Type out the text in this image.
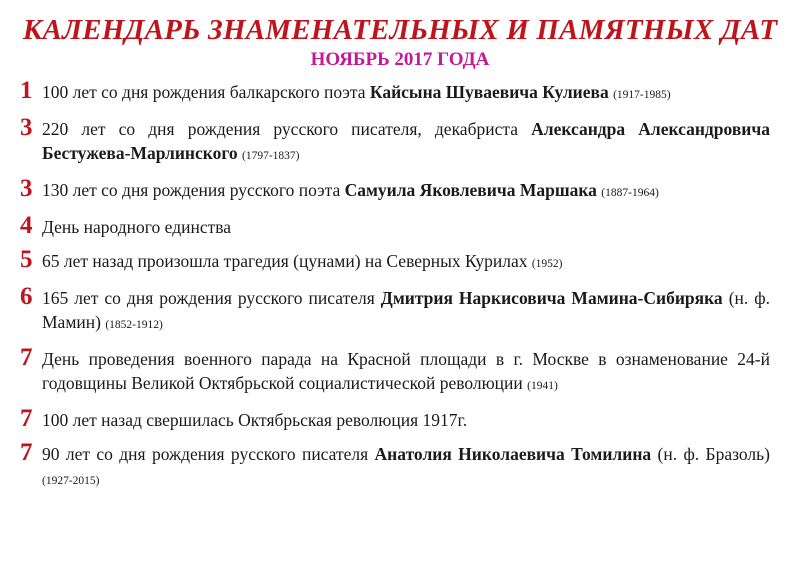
КАЛЕНДАРЬ ЗНАМЕНАТЕЛЬНЫХ И ПАМЯТНЫХ ДАТ
НОЯБРЬ 2017 ГОДА
1 100 лет со дня рождения балкарского поэта Кайсына Шуваевича Кулиева (1917-1985)
3 220 лет со дня рождения русского писателя, декабриста Александра Александровича Бестужева-Марлинского (1797-1837)
3 130 лет со дня рождения русского поэта Самуила Яковлевича Маршака (1887-1964)
4 День народного единства
5 65 лет назад произошла трагедия (цунами) на Северных Курилах (1952)
6 165 лет со дня рождения русского писателя Дмитрия Наркисовича Мамина-Сибиряка (н. ф. Мамин) (1852-1912)
7 День проведения военного парада на Красной площади в г. Москве в ознаменование 24-й годовщины Великой Октябрьской социалистической революции (1941)
7 100 лет назад свершилась Октябрьская революция 1917г.
7 90 лет со дня рождения русского писателя Анатолия Николаевича Томилина (н. ф. Бразоль) (1927-2015)
